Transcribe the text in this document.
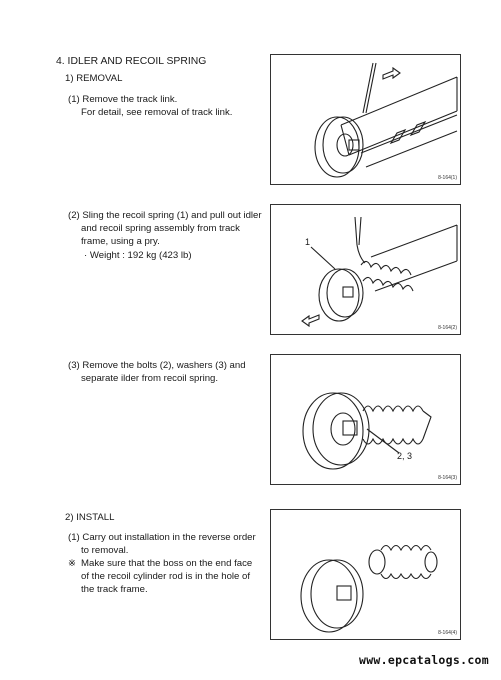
4. IDLER AND RECOIL SPRING
1) REMOVAL
(1) Remove the track link.
For detail, see removal of track link.
(2) Sling the recoil spring (1) and pull out idler
and recoil spring assembly from track
frame, using a pry.
· Weight : 192 kg (423 lb)
(3) Remove the bolts (2), washers (3) and
separate ilder from recoil spring.
2) INSTALL
(1) Carry out installation in the reverse order
to removal.
※ Make sure that the boss on the end face
of the recoil cylinder rod is in the hole of
the track frame.
8-164(1)
1
8-164(2)
2, 3
8-164(3)
8-164(4)
www.epcatalogs.com
